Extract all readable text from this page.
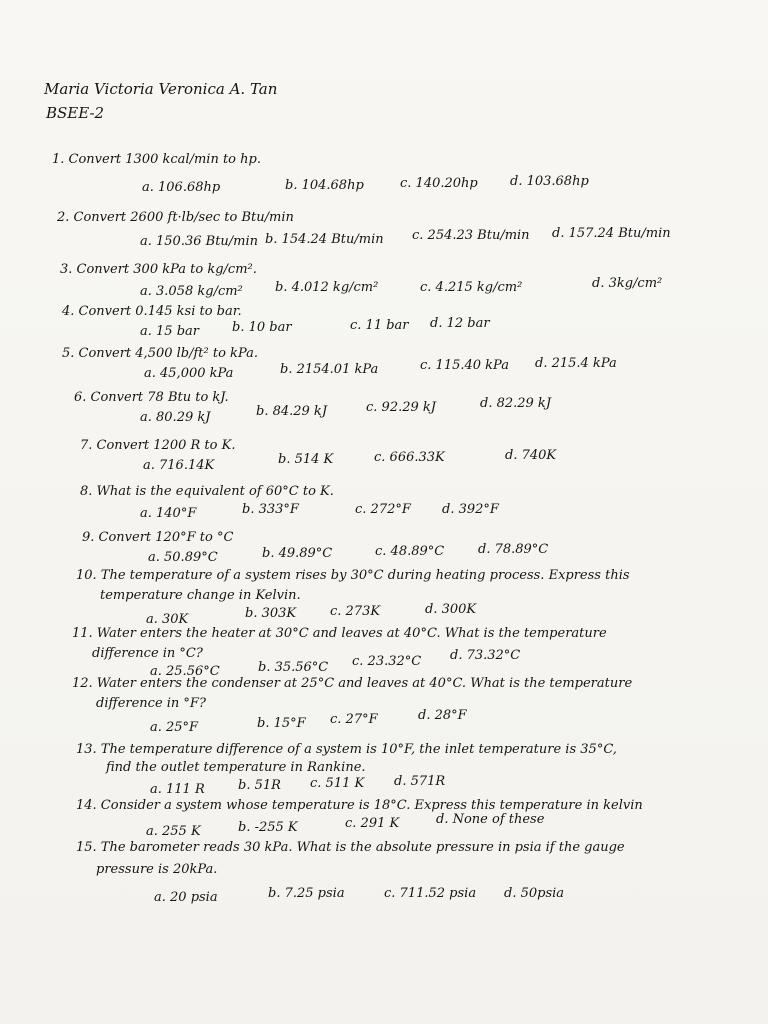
Maria Victoria Veronica A. Tan
BSEE-2
1. Convert 1300 kcal/min to hp.
a. 106.68hp	b. 104.68hp	c. 140.20hp d. 103.68hp
2. Convert 2600 ft·lb/sec to Btu/min
a. 150.36 Btu/min b. 154.24 Btu/min c. 254.23 Btu/min d. 157.24 Btu/min
3. Convert 300 kPa to kg/cm².
a. 3.058 kg/cm² b. 4.012 kg/cm²	c. 4.215 kg/cm²	d. 3kg/cm²
4. Convert 0.145 ksi to bar.
a. 15 bar	b. 10 bar	c. 11 bar d. 12 bar
5. Convert 4,500 lb/ft² to kPa.
a. 45,000 kPa	b. 2154.01 kPa	c. 115.40 kPa d. 215.4 kPa
6. Convert 78 Btu to kJ.
a. 80.29 kJ	b. 84.29 kJ	c. 92.29 kJ	d. 82.29 kJ
7. Convert 1200 R to K.
a. 716.14K	b. 514 K	c. 666.33K	d. 740K
8. What is the equivalent of 60°C to K.
a. 140°F	b. 333°F	c. 272°F d. 392°F
9. Convert 120°F to °C
a. 50.89°C	b. 49.89°C	c. 48.89°C	d. 78.89°C
10. The temperature of a system rises by 30°C during heating process. Express this
temperature change in Kelvin.
a. 30K	b. 303K	c. 273K	d. 300K
11. Water enters the heater at 30°C and leaves at 40°C. What is the temperature
difference in °C?
a. 25.56°C	b. 35.56°C c. 23.32°C d. 73.32°C
12. Water enters the condenser at 25°C and leaves at 40°C. What is the temperature
difference in °F?
a. 25°F	b. 15°F c. 27°F	d. 28°F
13. The temperature difference of a system is 10°F, the inlet temperature is 35°C,
find the outlet temperature in Rankine.
a. 111 R	b. 51R c. 511 K d. 571R
14. Consider a system whose temperature is 18°C. Express this temperature in kelvin
a. 255 K	b. -255 K	c. 291 K	d. None of these
15. The barometer reads 30 kPa. What is the absolute pressure in psia if the gauge
pressure is 20kPa.
a. 20 psia	b. 7.25 psia	c. 711.52 psia d. 50psia
